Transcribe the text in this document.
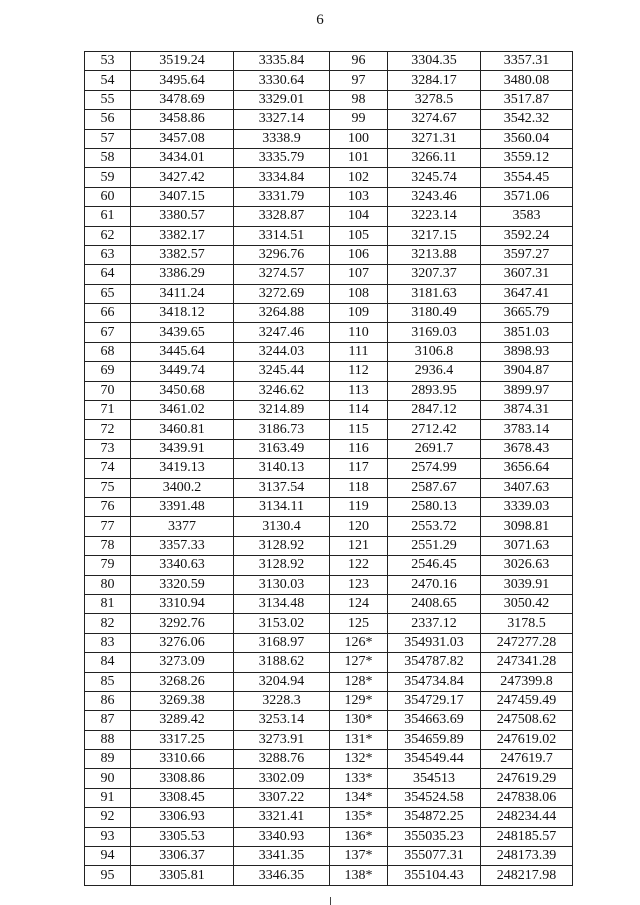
6
53	3519.24	3335.84	96	3304.35	3357.31
54	3495.64	3330.64	97	3284.17	3480.08
55	3478.69	3329.01	98	3278.5	3517.87
56	3458.86	3327.14	99	3274.67	3542.32
57	3457.08	3338.9	100	3271.31	3560.04
58	3434.01	3335.79	101	3266.11	3559.12
59	3427.42	3334.84	102	3245.74	3554.45
60	3407.15	3331.79	103	3243.46	3571.06
61	3380.57	3328.87	104	3223.14	3583
62	3382.17	3314.51	105	3217.15	3592.24
63	3382.57	3296.76	106	3213.88	3597.27
64	3386.29	3274.57	107	3207.37	3607.31
65	3411.24	3272.69	108	3181.63	3647.41
66	3418.12	3264.88	109	3180.49	3665.79
67	3439.65	3247.46	110	3169.03	3851.03
68	3445.64	3244.03	111	3106.8	3898.93
69	3449.74	3245.44	112	2936.4	3904.87
70	3450.68	3246.62	113	2893.95	3899.97
71	3461.02	3214.89	114	2847.12	3874.31
72	3460.81	3186.73	115	2712.42	3783.14
73	3439.91	3163.49	116	2691.7	3678.43
74	3419.13	3140.13	117	2574.99	3656.64
75	3400.2	3137.54	118	2587.67	3407.63
76	3391.48	3134.11	119	2580.13	3339.03
77	3377	3130.4	120	2553.72	3098.81
78	3357.33	3128.92	121	2551.29	3071.63
79	3340.63	3128.92	122	2546.45	3026.63
80	3320.59	3130.03	123	2470.16	3039.91
81	3310.94	3134.48	124	2408.65	3050.42
82	3292.76	3153.02	125	2337.12	3178.5
83	3276.06	3168.97	126*	354931.03	247277.28
84	3273.09	3188.62	127*	354787.82	247341.28
85	3268.26	3204.94	128*	354734.84	247399.8
86	3269.38	3228.3	129*	354729.17	247459.49
87	3289.42	3253.14	130*	354663.69	247508.62
88	3317.25	3273.91	131*	354659.89	247619.02
89	3310.66	3288.76	132*	354549.44	247619.7
90	3308.86	3302.09	133*	354513	247619.29
91	3308.45	3307.22	134*	354524.58	247838.06
92	3306.93	3321.41	135*	354872.25	248234.44
93	3305.53	3340.93	136*	355035.23	248185.57
94	3306.37	3341.35	137*	355077.31	248173.39
95	3305.81	3346.35	138*	355104.43	248217.98
